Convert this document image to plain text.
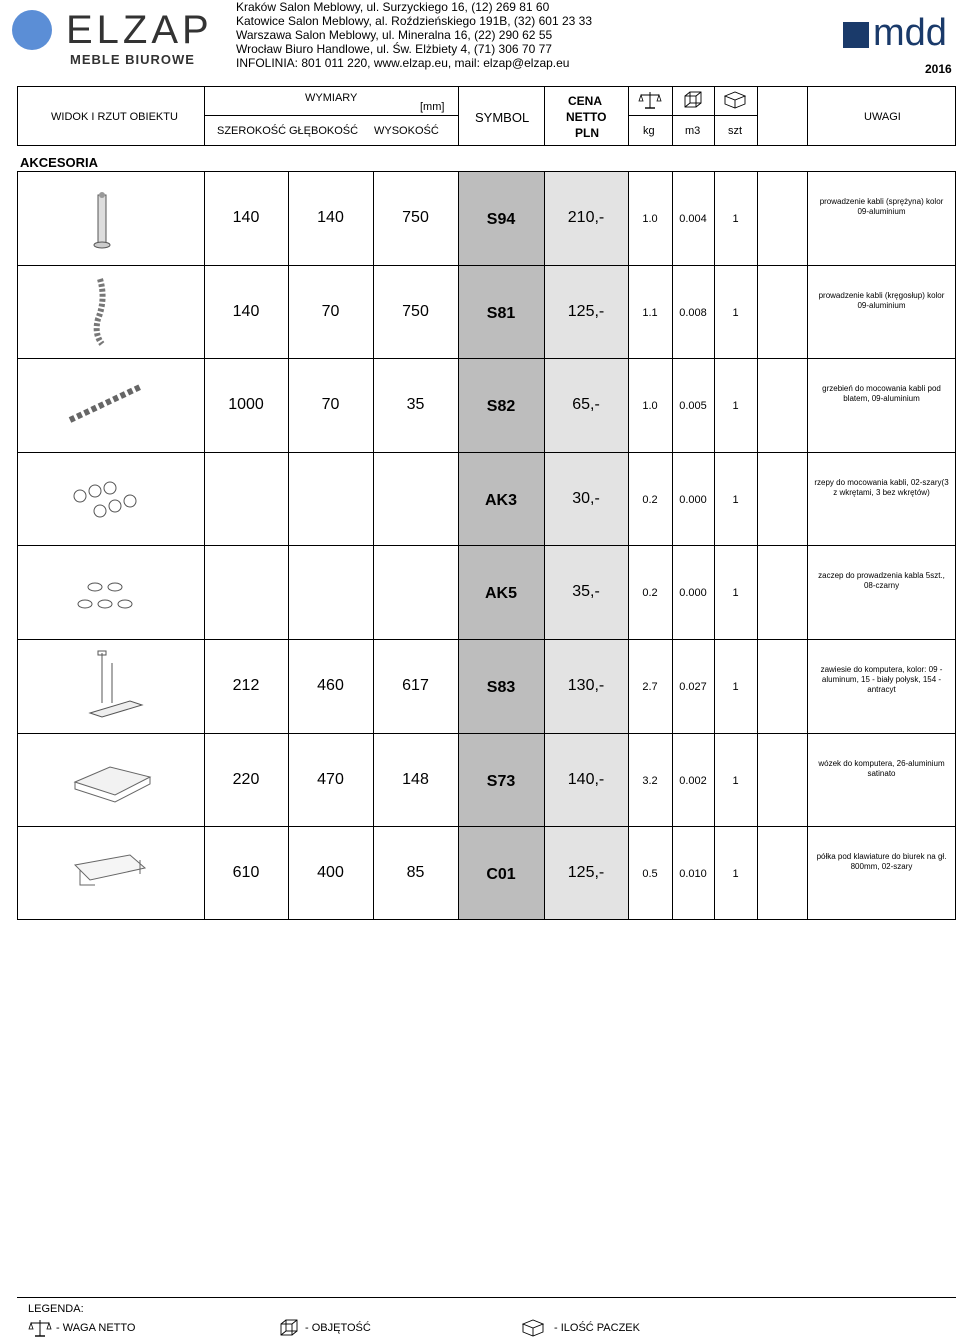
ELZAP
MEBLE BIUROWE
Kraków Salon Meblowy, ul. Surzyckiego 16, (12) 269 81 60
Katowice Salon Meblowy, al. Roździeńskiego 191B, (32) 601 23 33
Warszawa Salon Meblowy, ul. Mineralna 16, (22) 290 62 55
Wrocław Biuro Handlowe, ul. Św. Elżbiety 4, (71) 306 70 77
INFOLINIA: 801 011 220, www.elzap.eu, mail: elzap@elzap.eu
mdd
2016
WIDOK I RZUT OBIEKTU
WYMIARY
[mm]
SZEROKOŚĆ GŁĘBOKOŚĆ WYSOKOŚĆ
SYMBOL
CENA
NETTO
PLN	kg	m3	szt
UWAGI
AKCESORIA
140	140	750	S94	210,-	1.0	0.004	1
prowadzenie kabli (sprężyna) kolor 09-aluminium
140	70	750	S81	125,-	1.1	0.008	1
prowadzenie kabli (kręgosłup) kolor 09-aluminium
1000	70	35	S82	65,-	1.0	0.005	1
grzebień do mocowania kabli pod blatem, 09-aluminium
AK3	30,-	0.2	0.000	1
rzepy do mocowania kabli, 02-szary(3 z wkrętami, 3 bez wkrętów)
AK5	35,-	0.2	0.000	1
zaczep do prowadzenia kabla 5szt., 08-czarny
212	460	617	S83	130,-	2.7	0.027	1
zawiesie do komputera, kolor: 09 - aluminum, 15 - biały połysk, 154 - antracyt
220	470	148	S73	140,-	3.2	0.002	1
wózek do komputera, 26-aluminium satinato
610	400	85	C01	125,-	0.5	0.010	1
półka pod klawiature do biurek na gł. 800mm, 02-szary
LEGENDA:
- WAGA NETTO	- OBJĘTOŚĆ	- ILOŚĆ PACZEK
